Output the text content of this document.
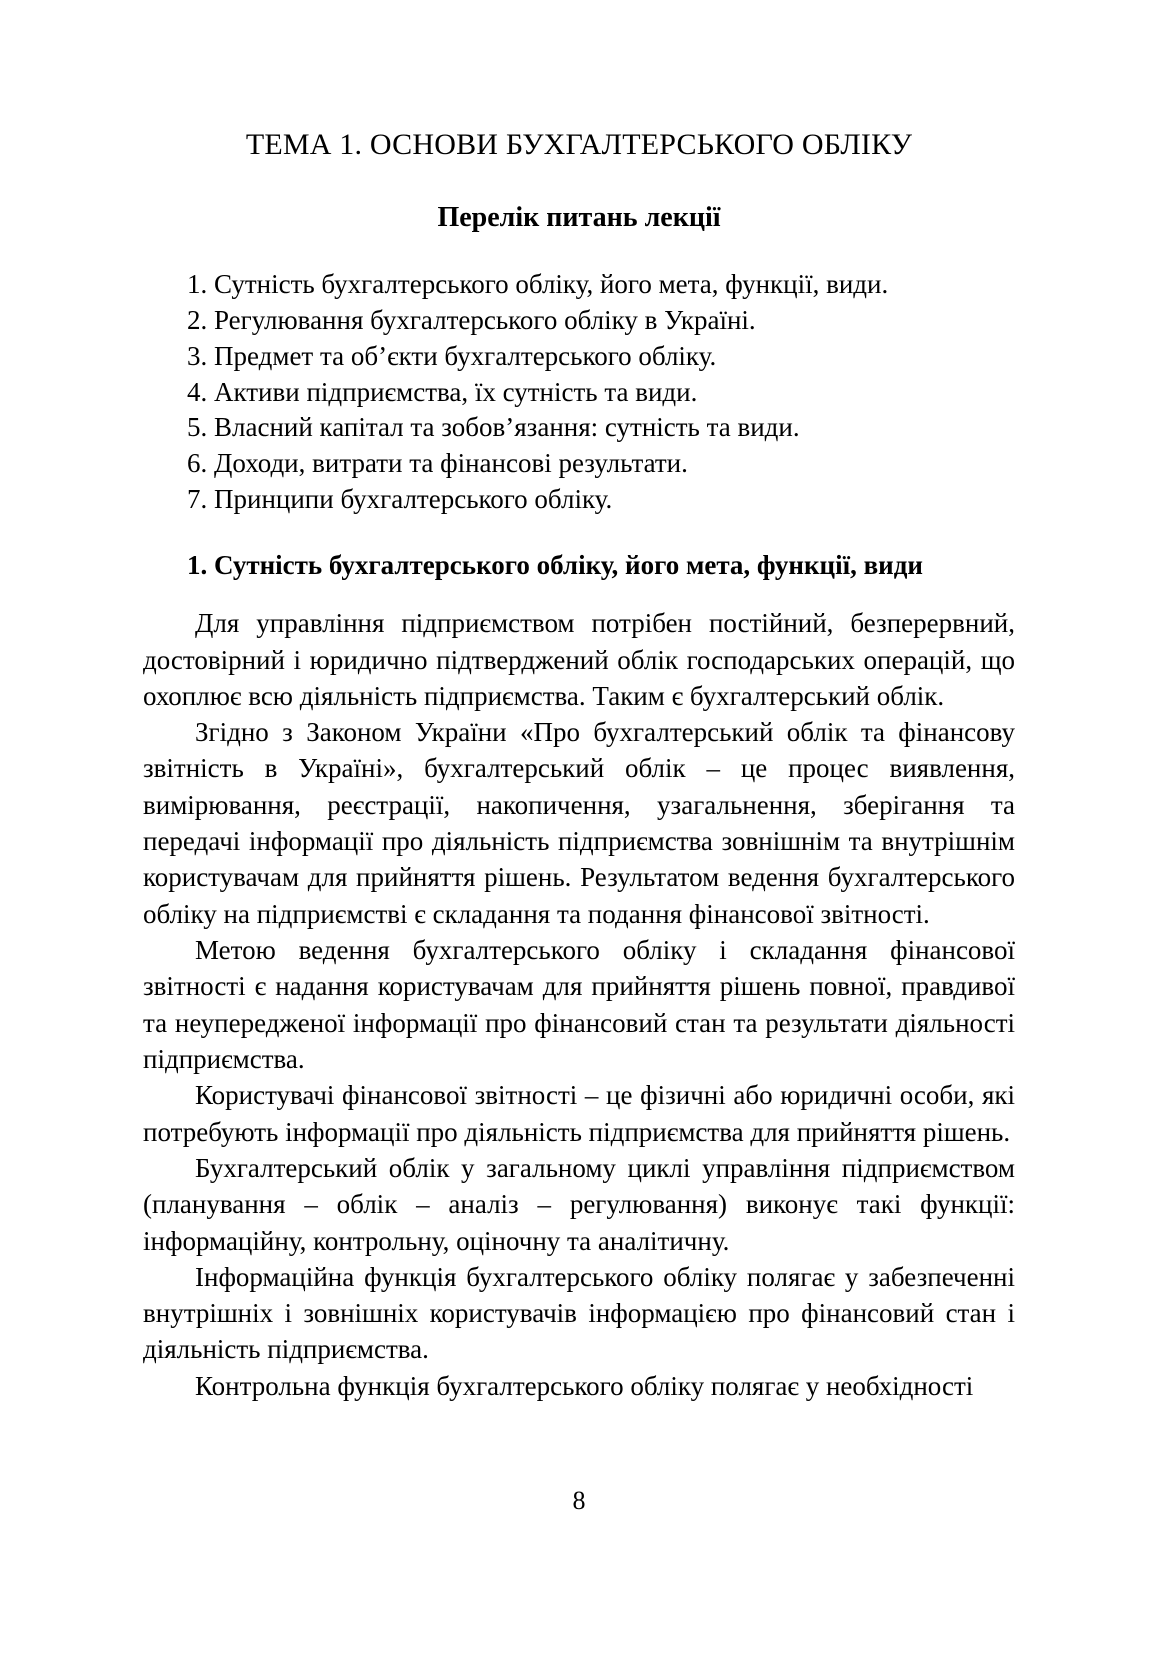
ТЕМА 1. ОСНОВИ БУХГАЛТЕРСЬКОГО ОБЛІКУ
Перелік питань лекції
1. Сутність бухгалтерського обліку, його мета, функції, види.
2. Регулювання бухгалтерського обліку в Україні.
3. Предмет та об’єкти бухгалтерського обліку.
4. Активи підприємства, їх сутність та види.
5. Власний капітал та зобов’язання: сутність та види.
6. Доходи, витрати та фінансові результати.
7. Принципи бухгалтерського обліку.
1. Сутність бухгалтерського обліку, його мета, функції, види

Для управління підприємством потрібен постійний, безперервний, достовірний і юридично підтверджений облік господарських операцій, що охоплює всю діяльність підприємства. Таким є бухгалтерський облік.

Згідно з Законом України «Про бухгалтерський облік та фінансову звітність в Україні», бухгалтерський облік – це процес виявлення, вимірювання, реєстрації, накопичення, узагальнення, зберігання та передачі інформації про діяльність підприємства зовнішнім та внутрішнім користувачам для прийняття рішень. Результатом ведення бухгалтерського обліку на підприємстві є складання та подання фінансової звітності.

Метою ведення бухгалтерського обліку і складання фінансової звітності є надання користувачам для прийняття рішень повної, правдивої та неупередженої інформації про фінансовий стан та результати діяльності підприємства.

Користувачі фінансової звітності – це фізичні або юридичні особи, які потребують інформації про діяльність підприємства для прийняття рішень.

Бухгалтерський облік у загальному циклі управління підприємством (планування – облік – аналіз – регулювання) виконує такі функції: інформаційну, контрольну, оціночну та аналітичну.

Інформаційна функція бухгалтерського обліку полягає у забезпеченні внутрішніх і зовнішніх користувачів інформацією про фінансовий стан і діяльність підприємства.

Контрольна функція бухгалтерського обліку полягає у необхідності

8
